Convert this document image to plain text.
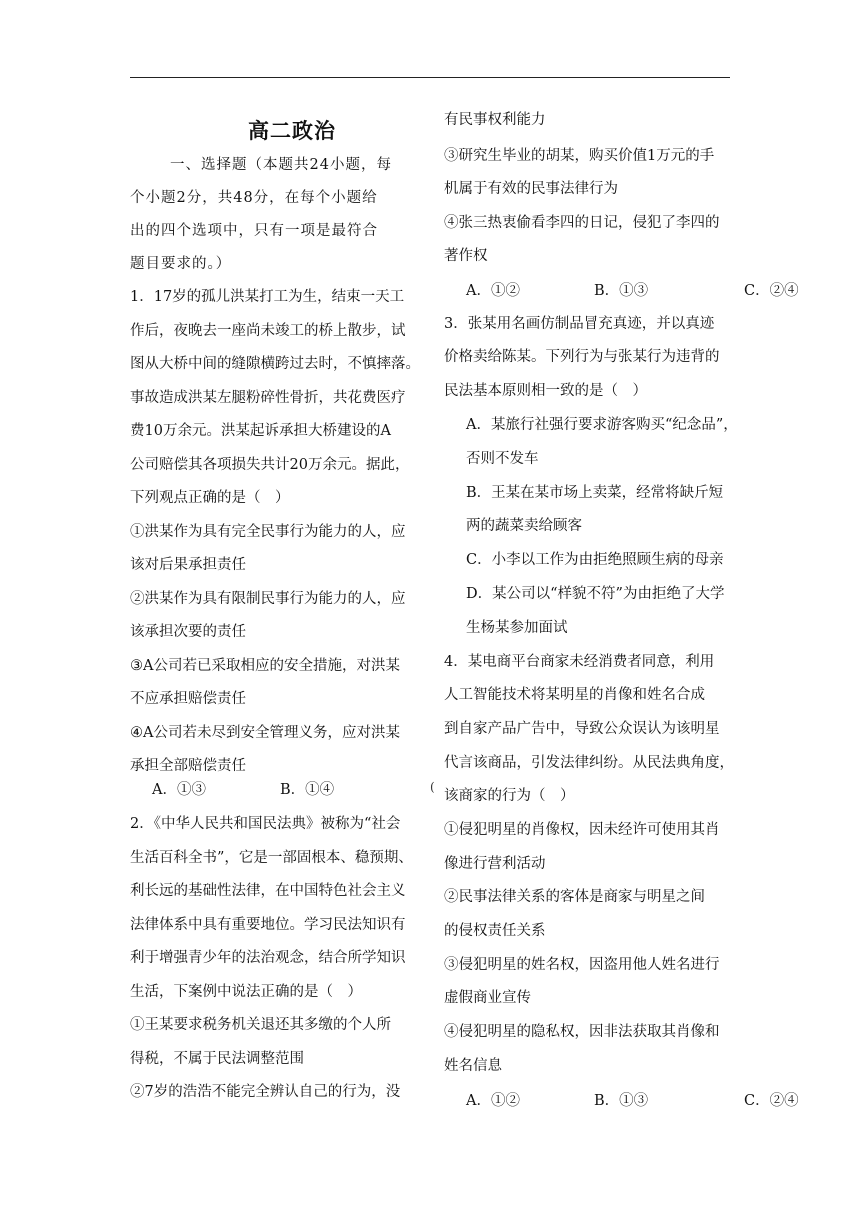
高二政治
一、选择题（本题共24小题，每
个小题2分，共48分，在每个小题给
出的四个选项中，只有一项是最符合
题目要求的。）
1．17岁的孤儿洪某打工为生，结束一天工
作后，夜晚去一座尚未竣工的桥上散步，试
图从大桥中间的缝隙横跨过去时，不慎摔落。
事故造成洪某左腿粉碎性骨折，共花费医疗
费10万余元。洪某起诉承担大桥建设的A
公司赔偿其各项损失共计20万余元。据此，
下列观点正确的是（　）
①洪某作为具有完全民事行为能力的人，应
该对后果承担责任
②洪某作为具有限制民事行为能力的人，应
该承担次要的责任
③A公司若已采取相应的安全措施，对洪某
不应承担赔偿责任
④A公司若未尽到安全管理义务，应对洪某
承担全部赔偿责任
A．①③	B．①④
2．《中华人民共和国民法典》被称为“社会
生活百科全书”，它是一部固根本、稳预期、
利长远的基础性法律，在中国特色社会主义
法律体系中具有重要地位。学习民法知识有
利于增强青少年的法治观念，结合所学知识
生活，下案例中说法正确的是（　）
①王某要求税务机关退还其多缴的个人所
得税，不属于民法调整范围
②7岁的浩浩不能完全辨认自己的行为，没
(
有民事权利能力
③研究生毕业的胡某，购买价值1万元的手
机属于有效的民事法律行为
④张三热衷偷看李四的日记，侵犯了李四的
著作权
A．①②	B．①③	C．②④
3．张某用名画仿制品冒充真迹，并以真迹
价格卖给陈某。下列行为与张某行为违背的
民法基本原则相一致的是（　）
A．某旅行社强行要求游客购买“纪念品”，
否则不发车
B．王某在某市场上卖菜，经常将缺斤短
两的蔬菜卖给顾客
C．小李以工作为由拒绝照顾生病的母亲
D．某公司以“样貌不符”为由拒绝了大学
生杨某参加面试
4．某电商平台商家未经消费者同意，利用
人工智能技术将某明星的肖像和姓名合成
到自家产品广告中，导致公众误认为该明星
代言该商品，引发法律纠纷。从民法典角度，
该商家的行为（　）
①侵犯明星的肖像权，因未经许可使用其肖
像进行营利活动
②民事法律关系的客体是商家与明星之间
的侵权责任关系
③侵犯明星的姓名权，因盗用他人姓名进行
虚假商业宣传
④侵犯明星的隐私权，因非法获取其肖像和
姓名信息
A．①②	B．①③	C．②④
